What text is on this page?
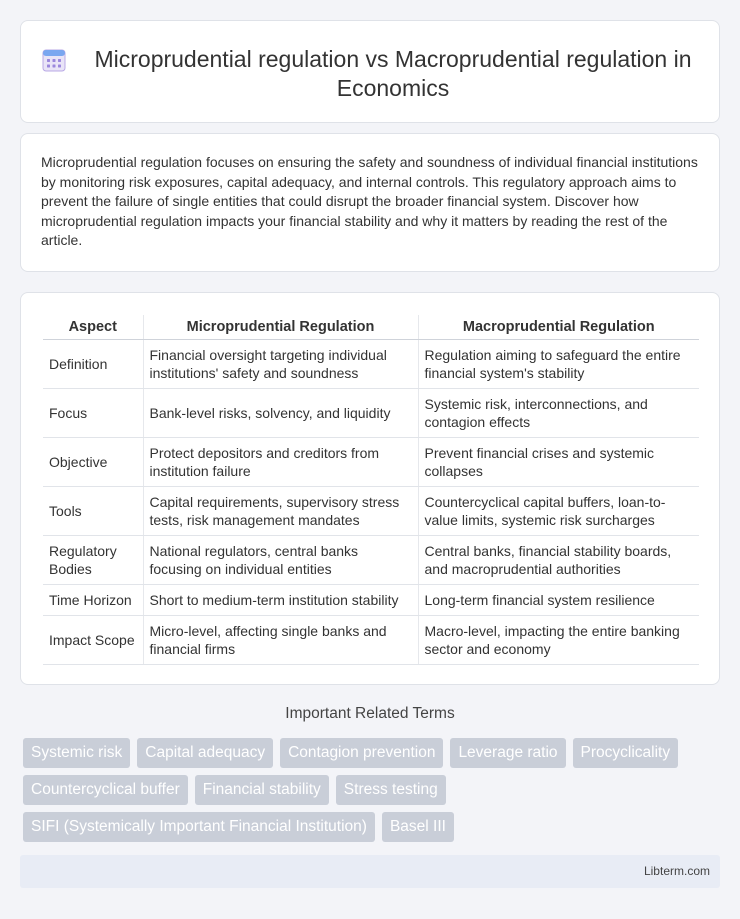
Microprudential regulation vs Macroprudential regulation in Economics

Microprudential regulation focuses on ensuring the safety and soundness of individual financial institutions by monitoring risk exposures, capital adequacy, and internal controls. This regulatory approach aims to prevent the failure of single entities that could disrupt the broader financial system. Discover how microprudential regulation impacts your financial stability and why it matters by reading the rest of the article.

Aspect	Microprudential Regulation	Macroprudential Regulation
Definition	Financial oversight targeting individual institutions' safety and soundness	Regulation aiming to safeguard the entire financial system's stability
Focus	Bank-level risks, solvency, and liquidity	Systemic risk, interconnections, and contagion effects
Objective	Protect depositors and creditors from institution failure	Prevent financial crises and systemic collapses
Tools	Capital requirements, supervisory stress tests, risk management mandates	Countercyclical capital buffers, loan-to-value limits, systemic risk surcharges
Regulatory Bodies	National regulators, central banks focusing on individual entities	Central banks, financial stability boards, and macroprudential authorities
Time Horizon	Short to medium-term institution stability	Long-term financial system resilience
Impact Scope	Micro-level, affecting single banks and financial firms	Macro-level, impacting the entire banking sector and economy
Important Related Terms
Systemic risk	Capital adequacy	Contagion prevention	Leverage ratio	Procyclicality
Countercyclical buffer	Financial stability	Stress testing
SIFI (Systemically Important Financial Institution)	Basel III
Libterm.com
